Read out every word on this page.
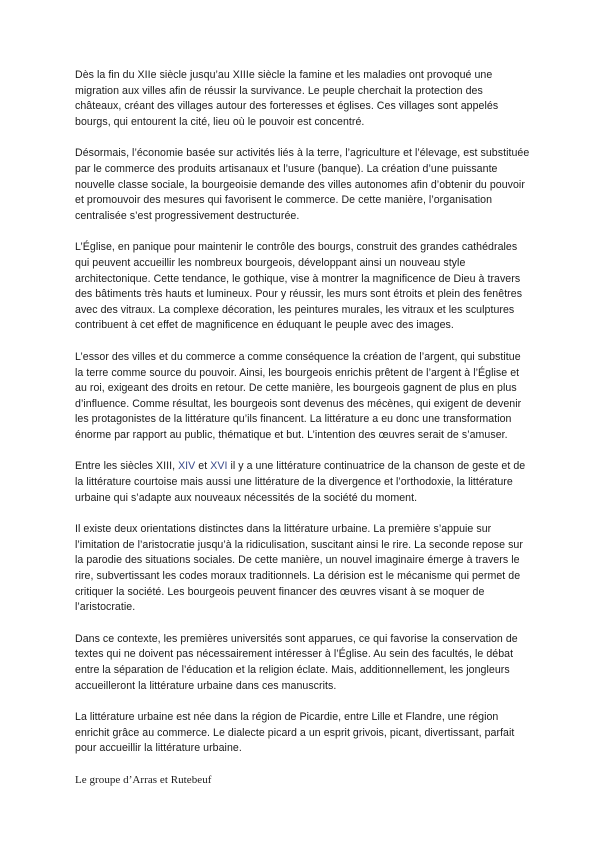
Dès la fin du XIIe siècle jusqu’au XIIIe siècle la famine et les maladies ont provoqué une migration aux villes afin de réussir la survivance. Le peuple cherchait la protection des châteaux, créant des villages autour des forteresses et églises. Ces villages sont appelés bourgs, qui entourent la cité, lieu où le pouvoir est concentré.

Désormais, l’économie basée sur activités liés à la terre, l’agriculture et l’élevage, est substituée par le commerce des produits artisanaux et l’usure (banque). La création d’une puissante nouvelle classe sociale, la bourgeoisie demande des villes autonomes afin d’obtenir du pouvoir et promouvoir des mesures qui favorisent le commerce. De cette manière, l’organisation centralisée s’est progressivement destructurée.

L’Église, en panique pour maintenir le contrôle des bourgs, construit des grandes cathédrales qui peuvent accueillir les nombreux bourgeois, développant ainsi un nouveau style architectonique. Cette tendance, le gothique, vise à montrer la magnificence de Dieu à travers des bâtiments très hauts et lumineux. Pour y réussir, les murs sont étroits et plein des fenêtres avec des vitraux. La complexe décoration, les peintures murales, les vitraux et les sculptures contribuent à cet effet de magnificence en éduquant le peuple avec des images.

L’essor des villes et du commerce a comme conséquence la création de l’argent, qui substitue la terre comme source du pouvoir. Ainsi, les bourgeois enrichis prêtent de l’argent à l’Église et au roi, exigeant des droits en retour. De cette manière, les bourgeois gagnent de plus en plus d’influence. Comme résultat, les bourgeois sont devenus des mécènes, qui exigent de devenir les protagonistes de la littérature qu’ils financent. La littérature a eu donc une transformation énorme par rapport au public, thématique et but. L’intention des œuvres serait de s’amuser.

Entre les siècles XIII, XIV et XVI il y a une littérature continuatrice de la chanson de geste et de la littérature courtoise mais aussi une littérature de la divergence et l’orthodoxie, la littérature urbaine qui s’adapte aux nouveaux nécessités de la société du moment.

Il existe deux orientations distinctes dans la littérature urbaine. La première s’appuie sur l’imitation de l’aristocratie jusqu’à la ridiculisation, suscitant ainsi le rire. La seconde repose sur la parodie des situations sociales. De cette manière, un nouvel imaginaire émerge à travers le rire, subvertissant les codes moraux traditionnels. La dérision est le mécanisme qui permet de critiquer la société. Les bourgeois peuvent financer des œuvres visant à se moquer de l’aristocratie.

Dans ce contexte, les premières universités sont apparues, ce qui favorise la conservation de textes qui ne doivent pas nécessairement intéresser à l’Église. Au sein des facultés, le débat entre la séparation de l’éducation et la religion éclate. Mais, additionnellement, les jongleurs accueilleront la littérature urbaine dans ces manuscrits.

La littérature urbaine est née dans la région de Picardie, entre Lille et Flandre, une région enrichit grâce au commerce. Le dialecte picard a un esprit grivois, picant, divertissant, parfait pour accueillir la littérature urbaine.

Le groupe d’Arras et Rutebeuf
